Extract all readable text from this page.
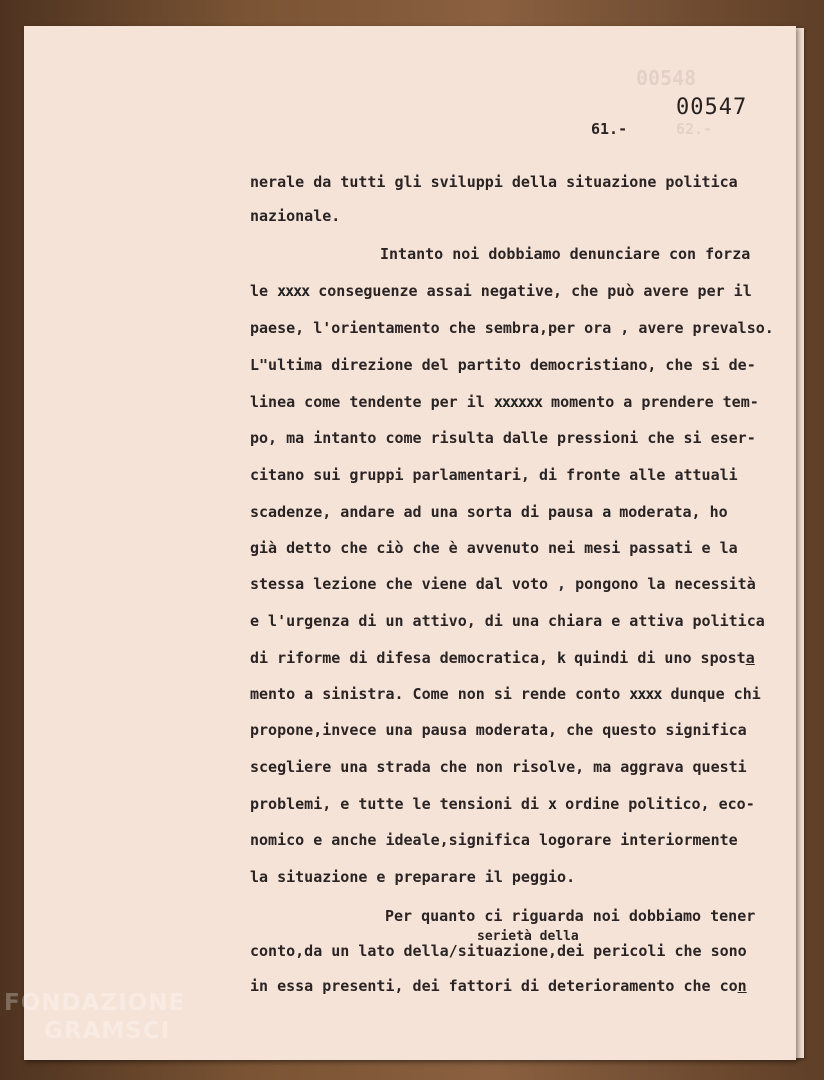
00548
62.-
00547
61.-
nerale da tutti gli sviluppi della situazione politica
nazionale.
Intanto noi dobbiamo denunciare con forza
le xxxx conseguenze assai negative, che può avere per il
paese, l'orientamento che sembra,per ora , avere prevalso.
L"ultima direzione del partito democristiano, che si de-
linea come tendente per il xxxxxx momento a prendere tem-
po, ma intanto come risulta dalle pressioni che si eser-
citano sui gruppi parlamentari, di fronte alle attuali
scadenze, andare ad una sorta di pausa a moderata, ho
già detto che ciò che è avvenuto nei mesi passati e la
stessa lezione che viene dal voto , pongono la necessità
e l'urgenza di un attivo, di una chiara e attiva politica
di riforme di difesa democratica, k quindi di uno sposta
mento a sinistra. Come non si rende conto xxxx dunque chi
propone,invece una pausa moderata, che questo significa
scegliere una strada che non risolve, ma aggrava questi
problemi, e tutte le tensioni di x ordine politico, eco-
nomico e anche ideale,significa logorare interiormente
la situazione e preparare il peggio.
Per quanto ci riguarda noi dobbiamo tener
conto,da un lato della/situazione,dei pericoli che sono
in essa presenti, dei fattori di deterioramento che con
serietà della
FONDAZIONE
GRAMSCI
